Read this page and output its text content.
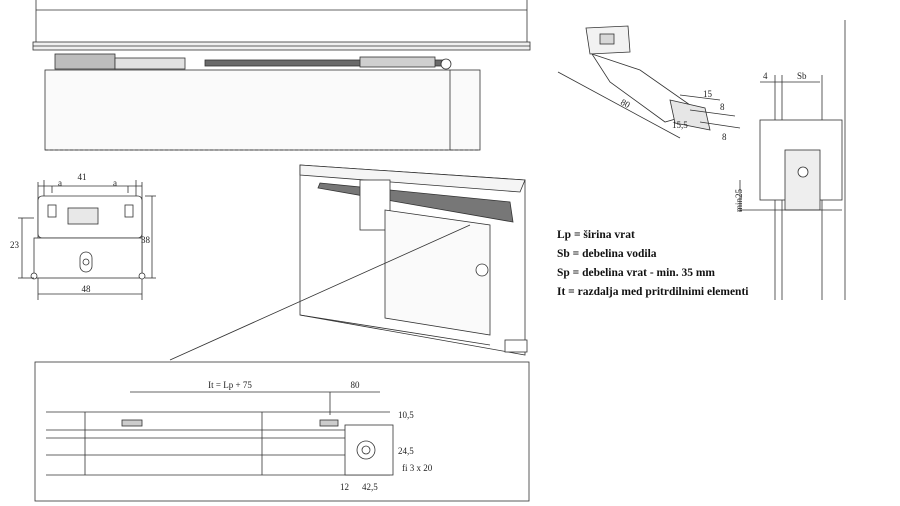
41
a	a
23	38
48
80
15
8
15,5
8
4	Sb
min25
It = Lp + 75	80
10,5
24,5
fi 3 x 20
12 42,5
Lp = širina vrat
Sb = debelina vodila
Sp = debelina vrat - min. 35 mm
It = razdalja med pritrdilnimi elementi
